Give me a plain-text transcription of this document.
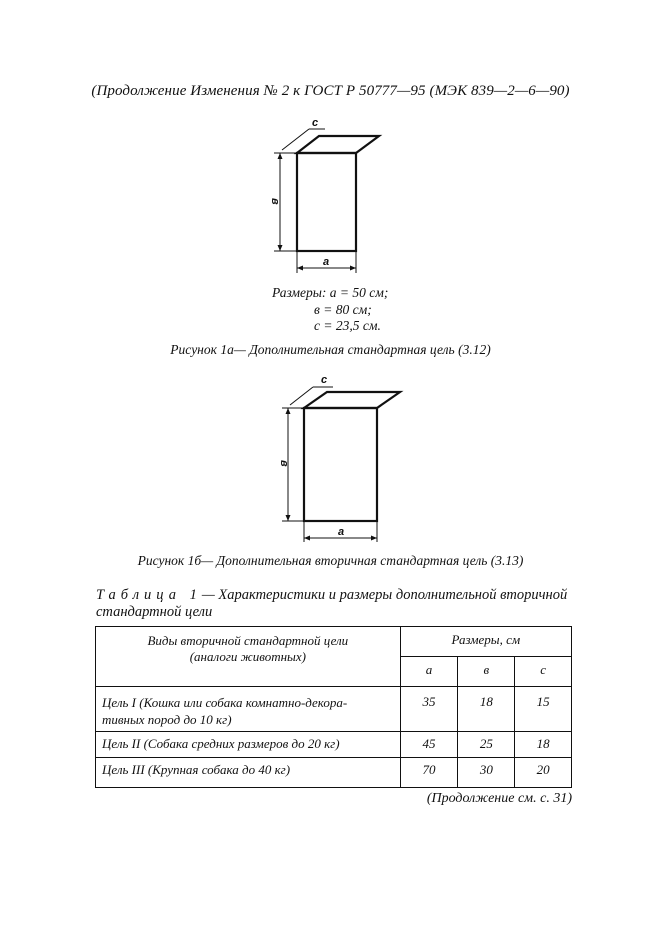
(Продолжение Изменения № 2 к ГОСТ Р 50777—95 (МЭК 839—2—6—90)
с
в
а
Размеры: а = 50 см;
в = 80 см;
с = 23,5 см.
Рисунок 1а— Дополнительная стандартная цель (3.12)
с
в
а
Рисунок 1б— Дополнительная вторичная стандартная цель (3.13)
Таблица 1— Характеристики и размеры дополнительной вторичной стандартной цели
Виды вторичной стандартной цели
(аналоги животных)	Размеры, см		
	а	в	с

Цель I (Кошка или собака комнатно-декора-
тивных пород до 10 кг)	35	18	15
Цель II (Собака средних размеров до 20 кг)	45	25	18
Цель III (Крупная собака до 40 кг)	70	30	20
(Продолжение см. с. 31)
